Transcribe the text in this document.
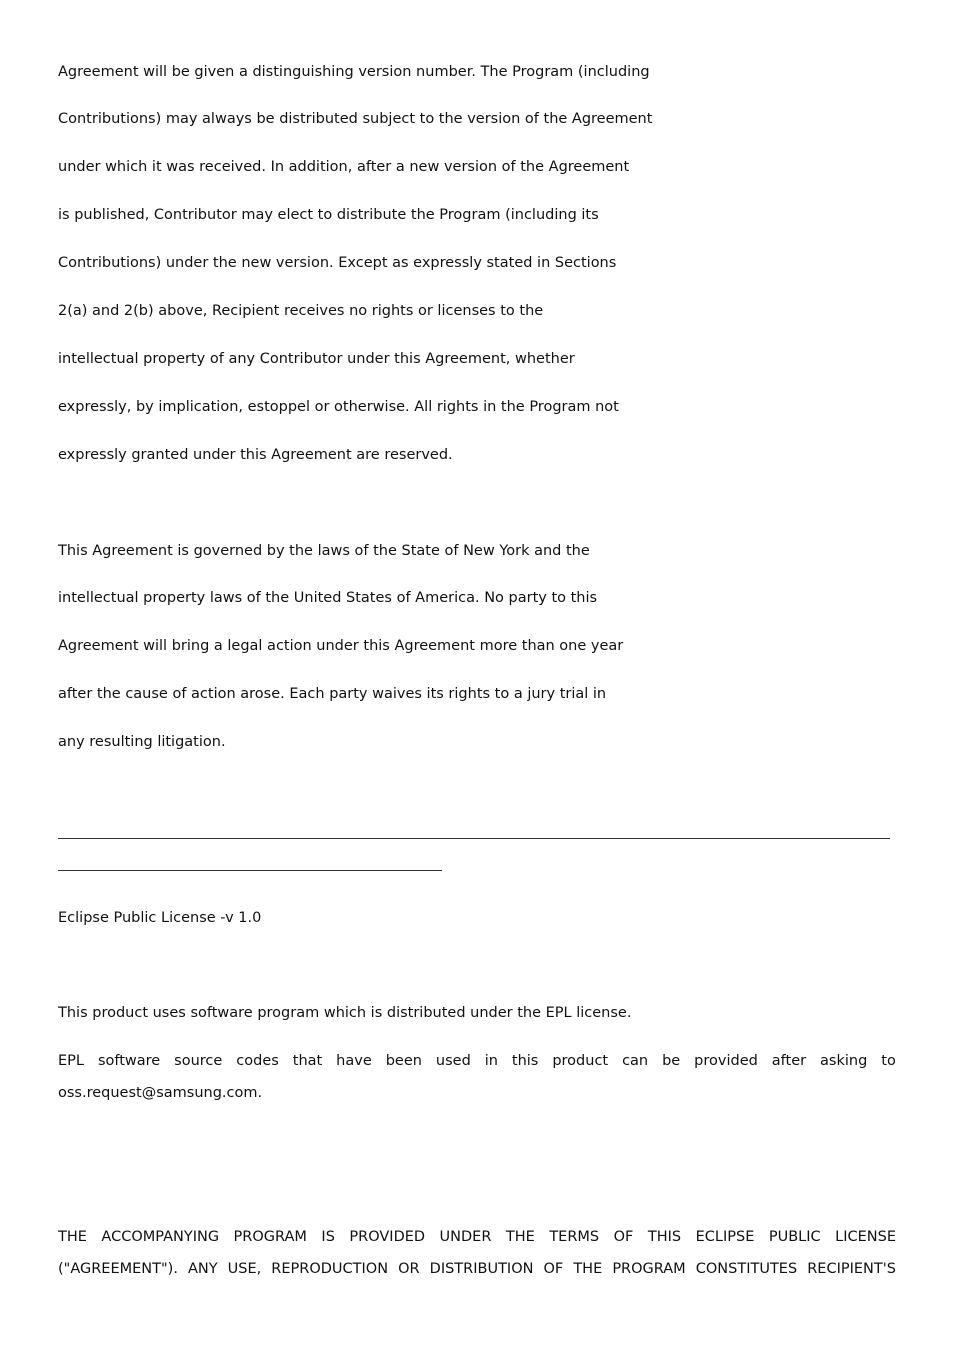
Agreement will be given a distinguishing version number. The Program (including
Contributions) may always be distributed subject to the version of the Agreement
under which it was received. In addition, after a new version of the Agreement
is published, Contributor may elect to distribute the Program (including its
Contributions) under the new version. Except as expressly stated in Sections
2(a) and 2(b) above, Recipient receives no rights or licenses to the
intellectual property of any Contributor under this Agreement, whether
expressly, by implication, estoppel or otherwise. All rights in the Program not
expressly granted under this Agreement are reserved.
This Agreement is governed by the laws of the State of New York and the
intellectual property laws of the United States of America. No party to this
Agreement will bring a legal action under this Agreement more than one year
after the cause of action arose. Each party waives its rights to a jury trial in
any resulting litigation.
Eclipse Public License -v 1.0
This product uses software program which is distributed under the EPL license.
EPL software source codes that have been used in this product can be provided after asking to
oss.request@samsung.com.
THE ACCOMPANYING PROGRAM IS PROVIDED UNDER THE TERMS OF THIS ECLIPSE PUBLIC LICENSE
("AGREEMENT"). ANY USE, REPRODUCTION OR DISTRIBUTION OF THE PROGRAM CONSTITUTES RECIPIENT'S
